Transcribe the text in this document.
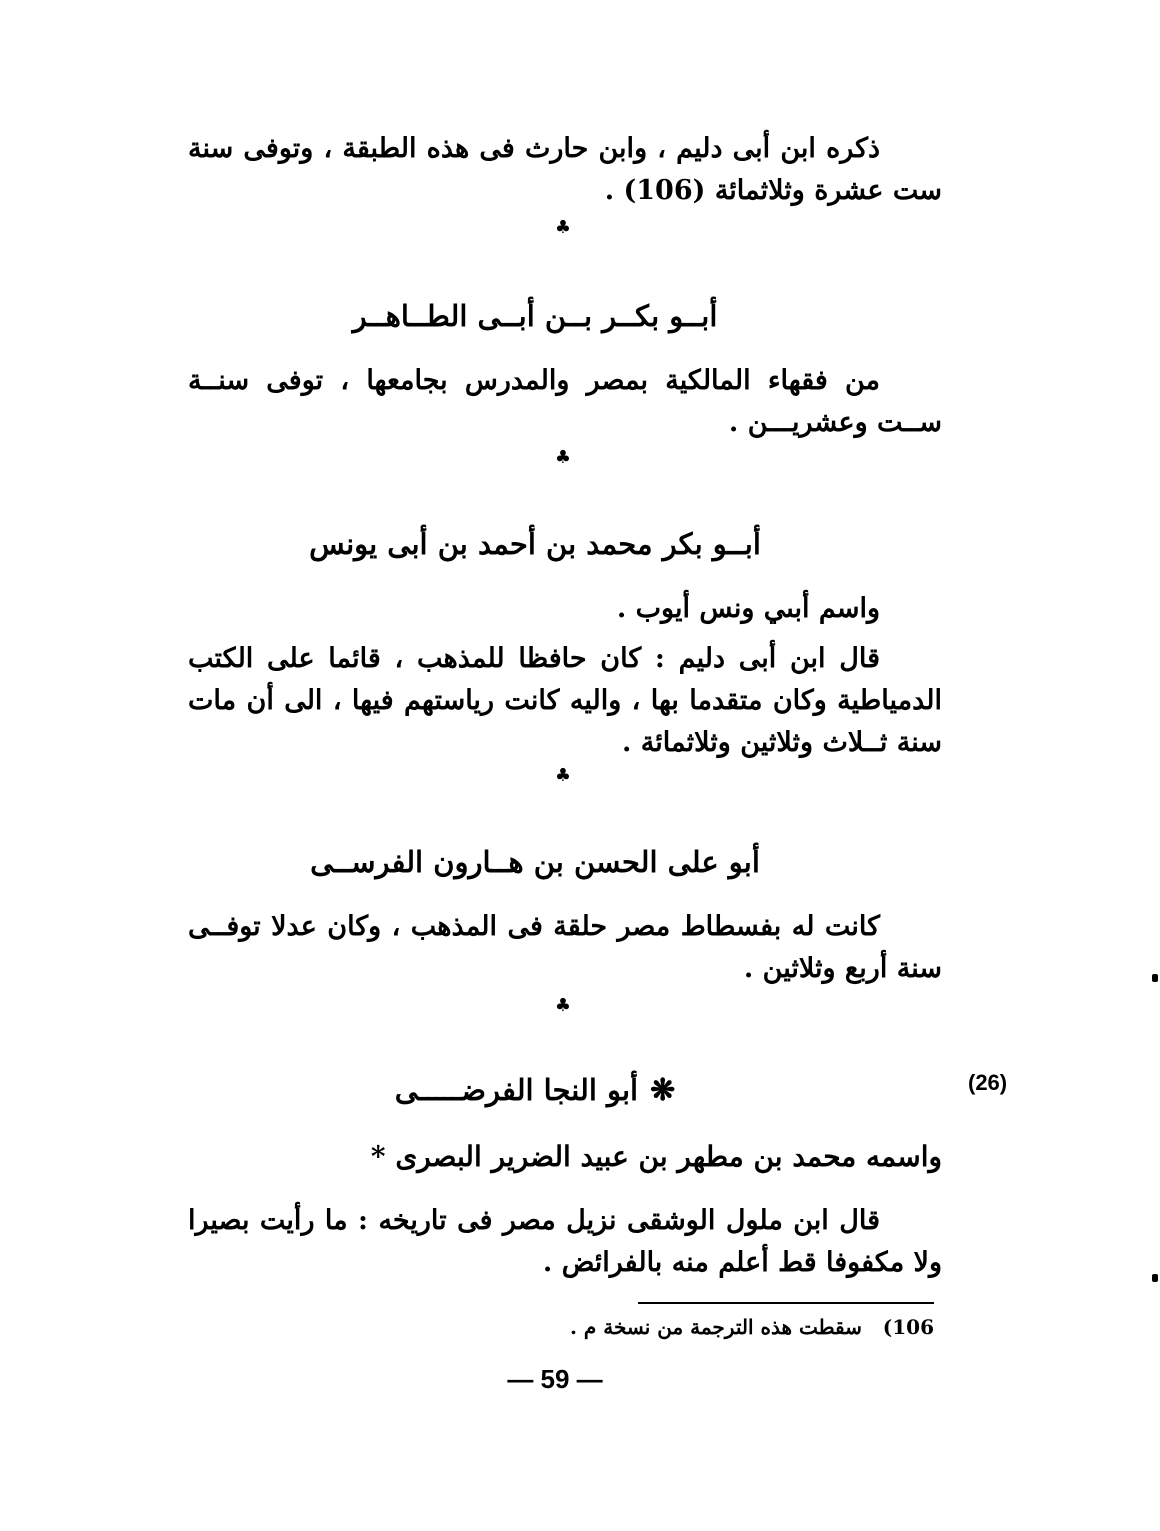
ذكره ابن أبى دليم ، وابن حارث فى هذه الطبقة ، وتوفى سنة ست عشرة وثلاثمائة (106) .

♣
أبــو بكــر بــن أبــى الطــاهــر

من فقهاء المالكية بمصر والمدرس بجامعها ، توفى سنــة ســت وعشريـــن .

♣
أبــو بكر محمد بن أحمد بن أبى يونس

واسم أبىي ونس أيوب .

قال ابن أبى دليم : كان حافظا للمذهب ، قائما على الكتب الدمياطية وكان متقدما بها ، واليه كانت رياستهم فيها ، الى أن مات سنة ثــلاث وثلاثين وثلاثمائة .

♣
أبو على الحسن بن هــارون الفرســى

كانت له بفسطاط مصر حلقة فى المذهب ، وكان عدلا توفــى سنة أربع وثلاثين .

♣
(26)
❋أبو النجا الفرضـــــى
واسمه محمد بن مطهر بن عبيد الضرير البصرى *

قال ابن ملول الوشقى نزيل مصر فى تاريخه : ما رأيت بصيرا ولا مكفوفا قط أعلم منه بالفرائض .

106)   سقطت هذه الترجمة من نسخة م .
— 59 —
